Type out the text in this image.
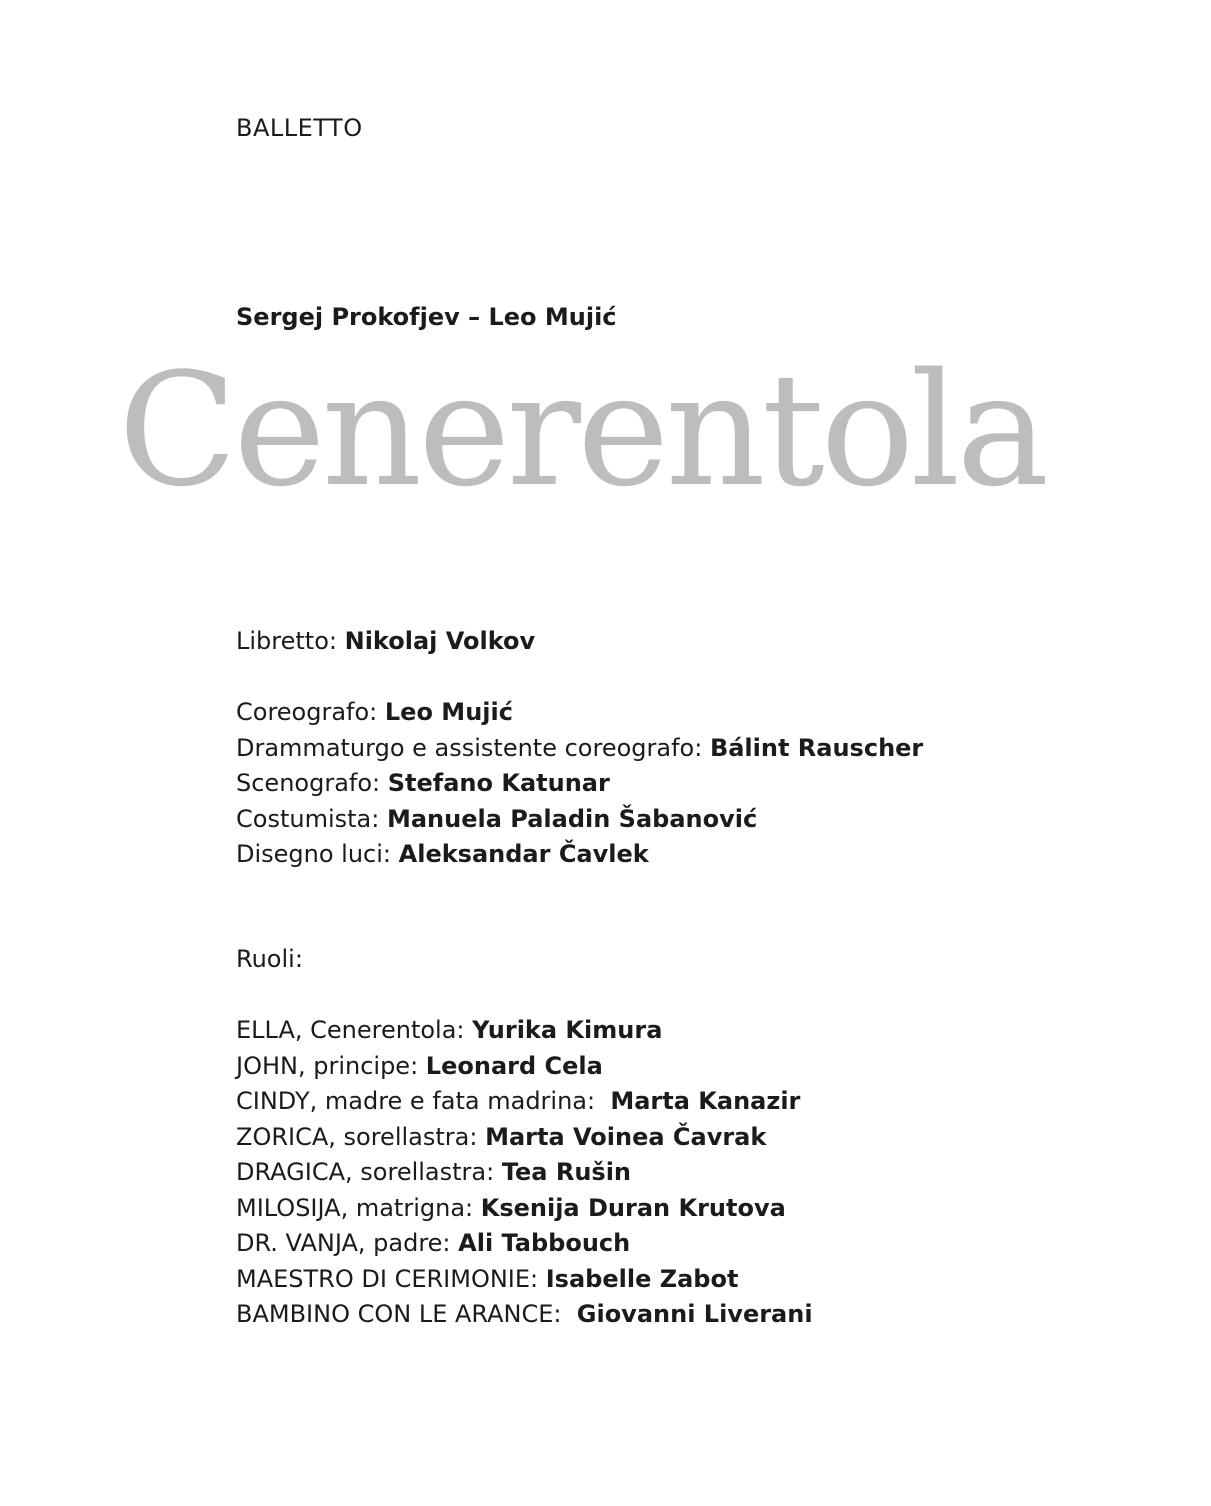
BALLETTO
Sergej Prokofjev – Leo Mujić
Cenerentola
Libretto: Nikolaj Volkov
Coreografo: Leo Mujić
Drammaturgo e assistente coreografo: Bálint Rauscher
Scenografo: Stefano Katunar
Costumista: Manuela Paladin Šabanović
Disegno luci: Aleksandar Čavlek
Ruoli:
ELLA, Cenerentola: Yurika Kimura
JOHN, principe: Leonard Cela
CINDY, madre e fata madrina:  Marta Kanazir
ZORICA, sorellastra: Marta Voinea Čavrak
DRAGICA, sorellastra: Tea Rušin
MILOSIJA, matrigna: Ksenija Duran Krutova
DR. VANJA, padre: Ali Tabbouch
MAESTRO DI CERIMONIE: Isabelle Zabot
BAMBINO CON LE ARANCE:  Giovanni Liverani
